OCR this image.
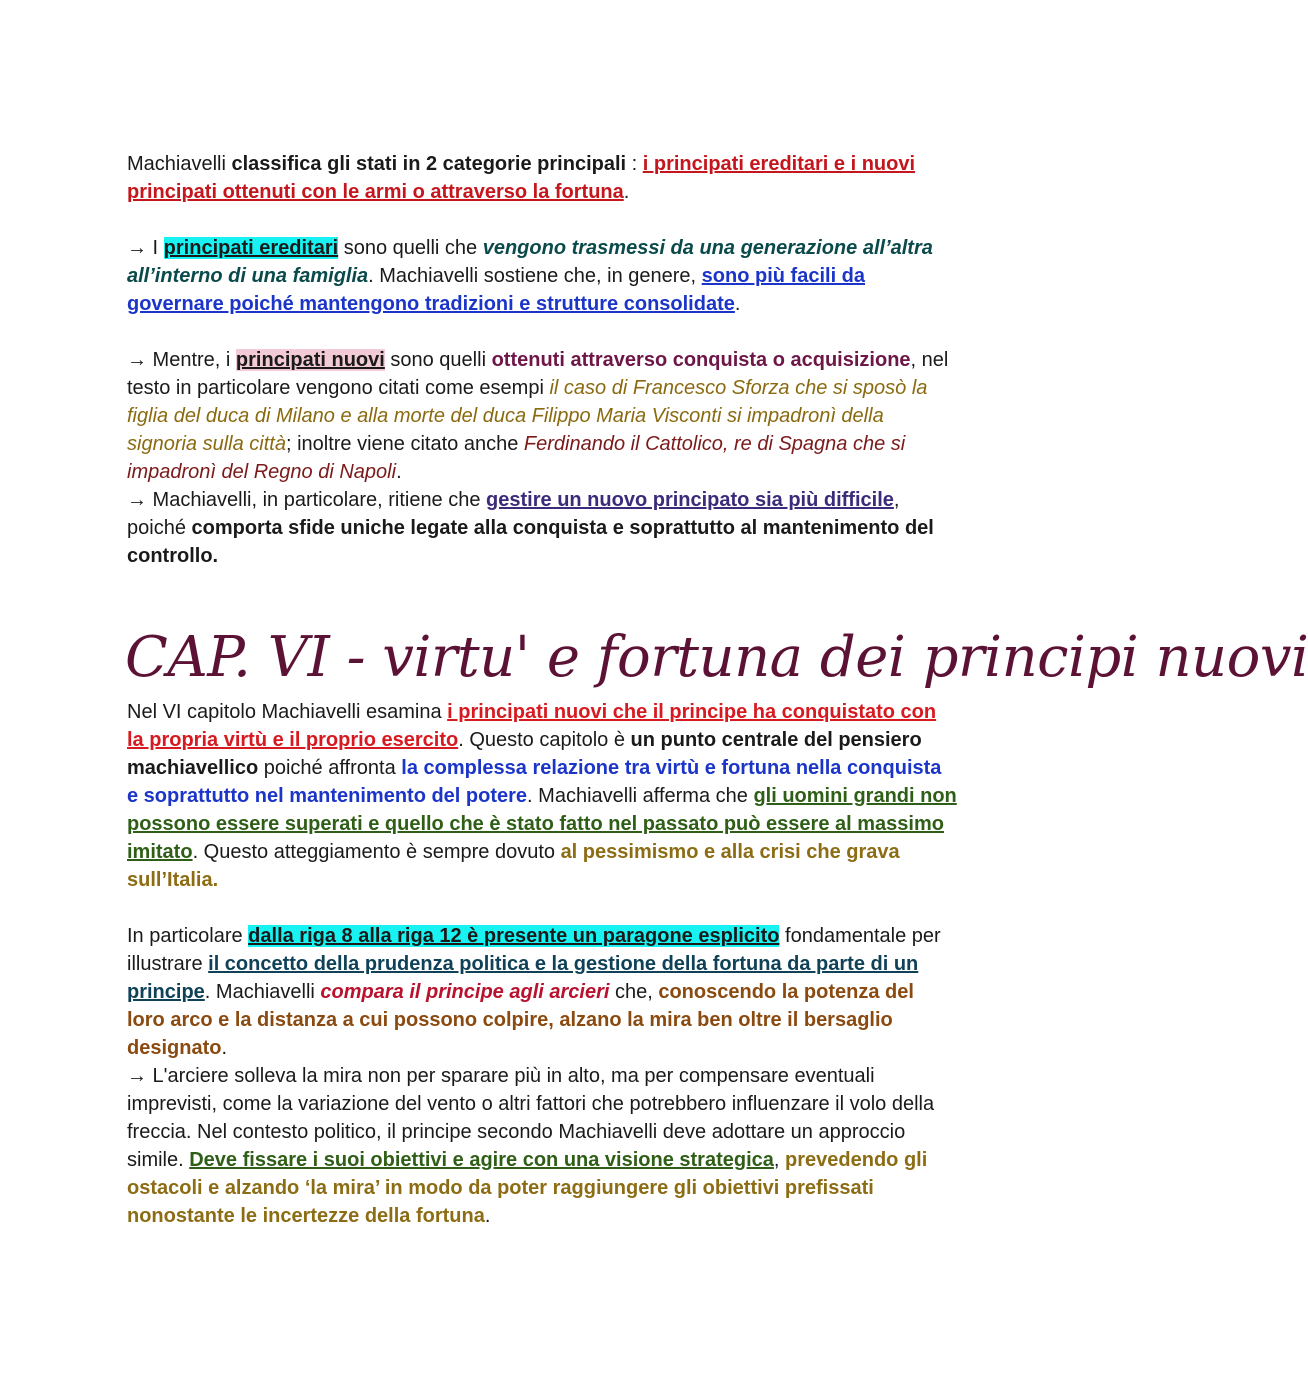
Machiavelli classifica gli stati in 2 categorie principali : i principati ereditari e i nuovi principati ottenuti con le armi o attraverso la fortuna.

→ I principati ereditari sono quelli che vengono trasmessi da una generazione all’altra all’interno di una famiglia. Machiavelli sostiene che, in genere, sono più facili da governare poiché mantengono tradizioni e strutture consolidate.

→ Mentre, i principati nuovi sono quelli ottenuti attraverso conquista o acquisizione, nel testo in particolare vengono citati come esempi il caso di Francesco Sforza che si sposò la figlia del duca di Milano e alla morte del duca Filippo Maria Visconti si impadronì della signoria sulla città; inoltre viene citato anche Ferdinando il Cattolico, re di Spagna che si impadronì del Regno di Napoli.

→ Machiavelli, in particolare, ritiene che gestire un nuovo principato sia più difficile, poiché comporta sfide uniche legate alla conquista e soprattutto al mantenimento del controllo.

CAP. VI - virtu' e fortuna dei principi nuovi

Nel VI capitolo Machiavelli esamina i principati nuovi che il principe ha conquistato con la propria virtù e il proprio esercito. Questo capitolo è un punto centrale del pensiero machiavellico poiché affronta la complessa relazione tra virtù e fortuna nella conquista e soprattutto nel mantenimento del potere. Machiavelli afferma che gli uomini grandi non possono essere superati e quello che è stato fatto nel passato può essere al massimo imitato. Questo atteggiamento è sempre dovuto al pessimismo e alla crisi che grava sull’Italia.

In particolare dalla riga 8 alla riga 12 è presente un paragone esplicito fondamentale per illustrare il concetto della prudenza politica e la gestione della fortuna da parte di un principe. Machiavelli compara il principe agli arcieri che, conoscendo la potenza del loro arco e la distanza a cui possono colpire, alzano la mira ben oltre il bersaglio designato.

→ L'arciere solleva la mira non per sparare più in alto, ma per compensare eventuali imprevisti, come la variazione del vento o altri fattori che potrebbero influenzare il volo della freccia. Nel contesto politico, il principe secondo Machiavelli deve adottare un approccio simile. Deve fissare i suoi obiettivi e agire con una visione strategica, prevedendo gli ostacoli e alzando ‘la mira’ in modo da poter raggiungere gli obiettivi prefissati nonostante le incertezze della fortuna.
